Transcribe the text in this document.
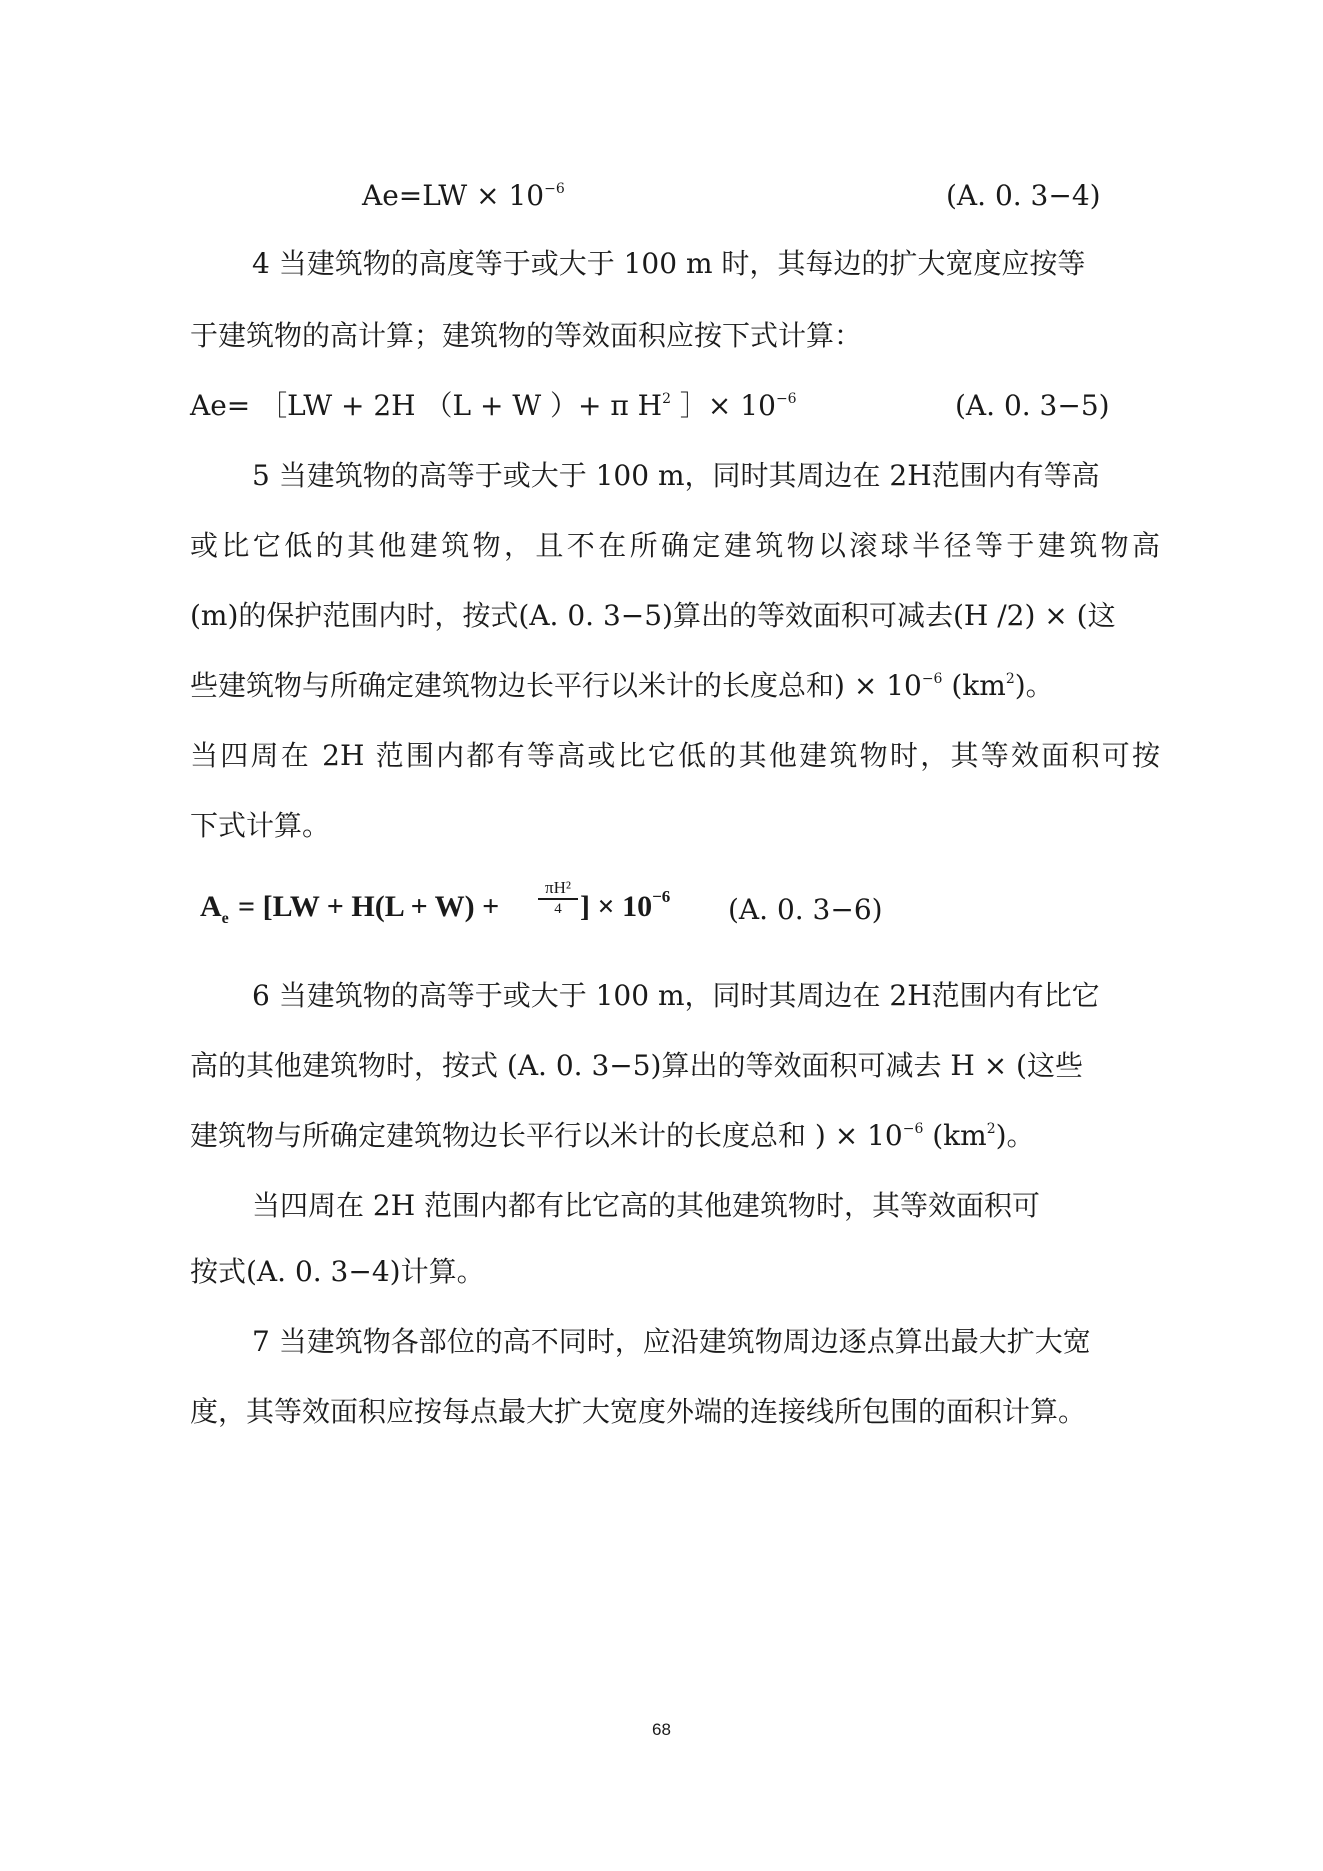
$Ae=LW \times 10^{-6}$	(A. 0. 3−4)
4 当建筑物的高度等于或大于 100 m 时，其每边的扩大宽度应按等
于建筑物的高计算；建筑物的等效面积应按下式计算：
Ae= ［LW + 2H （L + W ）+ π $H^2$ ］× $10^{-6}$	(A. 0. 3−5)
5 当建筑物的高等于或大于 100 m，同时其周边在 2H范围内有等高
或比它低的其他建筑物，且不在所确定建筑物以滚球半径等于建筑物高
(m)的保护范围内时，按式(A. 0. 3−5)算出的等效面积可减去(H /2) × (这
些建筑物与所确定建筑物边长平行以米计的长度总和) × $10^{-6}$ $(km^2)$。
当四周在 2H 范围内都有等高或比它低的其他建筑物时，其等效面积可按
下式计算。
$A_e = [LW + H(L + W) + \frac{\text{πH²}}{4}$ ] × $10^{-6}$ (A. 0. 3−6)
6 当建筑物的高等于或大于 100 m，同时其周边在 2H范围内有比它
高的其他建筑物时，按式 (A. 0. 3−5)算出的等效面积可减去 H × (这些
建筑物与所确定建筑物边长平行以米计的长度总和 ) × $10^{-6}$ $(km^2)$。
当四周在 2H 范围内都有比它高的其他建筑物时，其等效面积可
按式(A. 0. 3−4)计算。
7 当建筑物各部位的高不同时，应沿建筑物周边逐点算出最大扩大宽
度，其等效面积应按每点最大扩大宽度外端的连接线所包围的面积计算。
68
